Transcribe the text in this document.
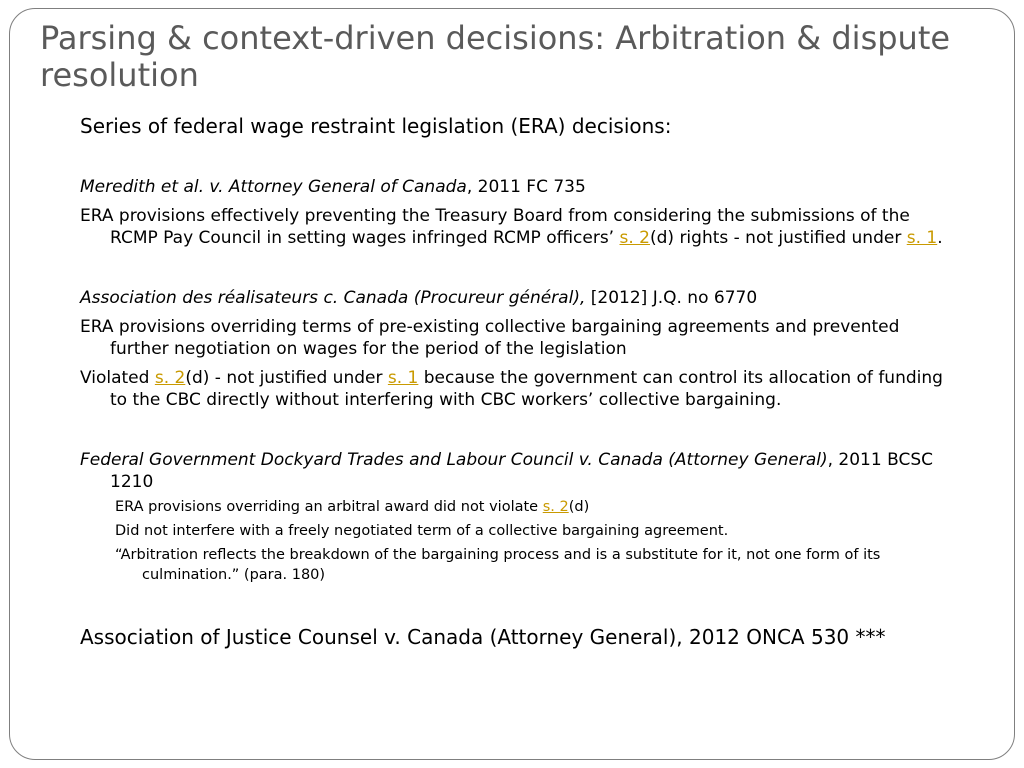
Parsing & context-driven decisions: Arbitration & dispute resolution

Series of federal wage restraint legislation (ERA) decisions:

Meredith et al. v. Attorney General of Canada, 2011 FC 735

ERA provisions effectively preventing the Treasury Board from considering the submissions of the RCMP Pay Council in setting wages infringed RCMP officers’ s. 2(d) rights - not justified under s. 1.

Association des réalisateurs c. Canada (Procureur général), [2012] J.Q. no 6770

ERA provisions overriding terms of pre-existing collective bargaining agreements and prevented further negotiation on wages for the period of the legislation

Violated s. 2(d) - not justified under s. 1 because the government can control its allocation of funding to the CBC directly without interfering with CBC workers’ collective bargaining.

Federal Government Dockyard Trades and Labour Council v. Canada (Attorney General), 2011 BCSC 1210

ERA provisions overriding an arbitral award did not violate s. 2(d)

Did not interfere with a freely negotiated term of a collective bargaining agreement.

“Arbitration reflects the breakdown of the bargaining process and is a substitute for it, not one form of its culmination.” (para. 180)

Association of Justice Counsel v. Canada (Attorney General), 2012 ONCA 530 ***
